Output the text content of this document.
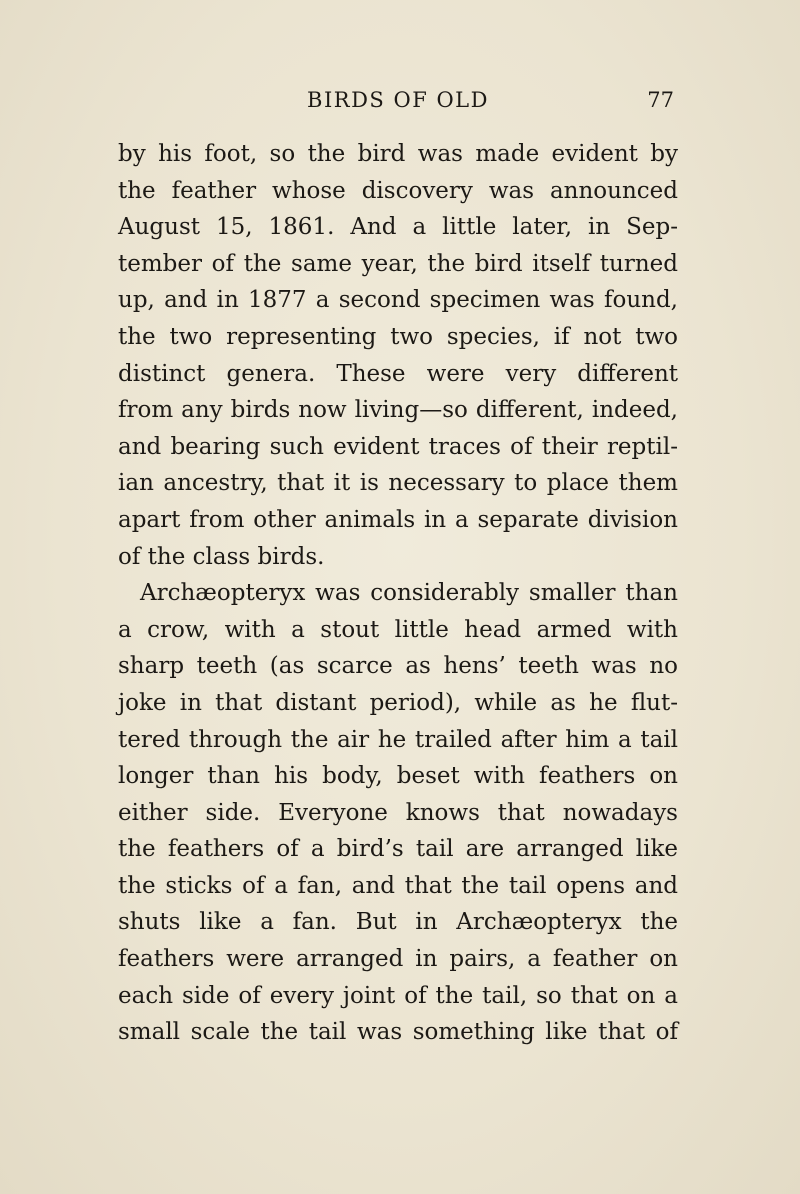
BIRDS OF OLD	77
by his foot, so the bird was made evident by
the feather whose discovery was announced
August 15, 1861. And a little later, in Sep-
tember of the same year, the bird itself turned
up, and in 1877 a second specimen was found,
the two representing two species, if not two
distinct genera. These were very different
from any birds now living—so different, indeed,
and bearing such evident traces of their reptil-
ian ancestry, that it is necessary to place them
apart from other animals in a separate division
of the class birds.
Archæopteryx was considerably smaller than
a crow, with a stout little head armed with
sharp teeth (as scarce as hens’ teeth was no
joke in that distant period), while as he flut-
tered through the air he trailed after him a tail
longer than his body, beset with feathers on
either side. Everyone knows that nowadays
the feathers of a bird’s tail are arranged like
the sticks of a fan, and that the tail opens and
shuts like a fan. But in Archæopteryx the
feathers were arranged in pairs, a feather on
each side of every joint of the tail, so that on a
small scale the tail was something like that of
